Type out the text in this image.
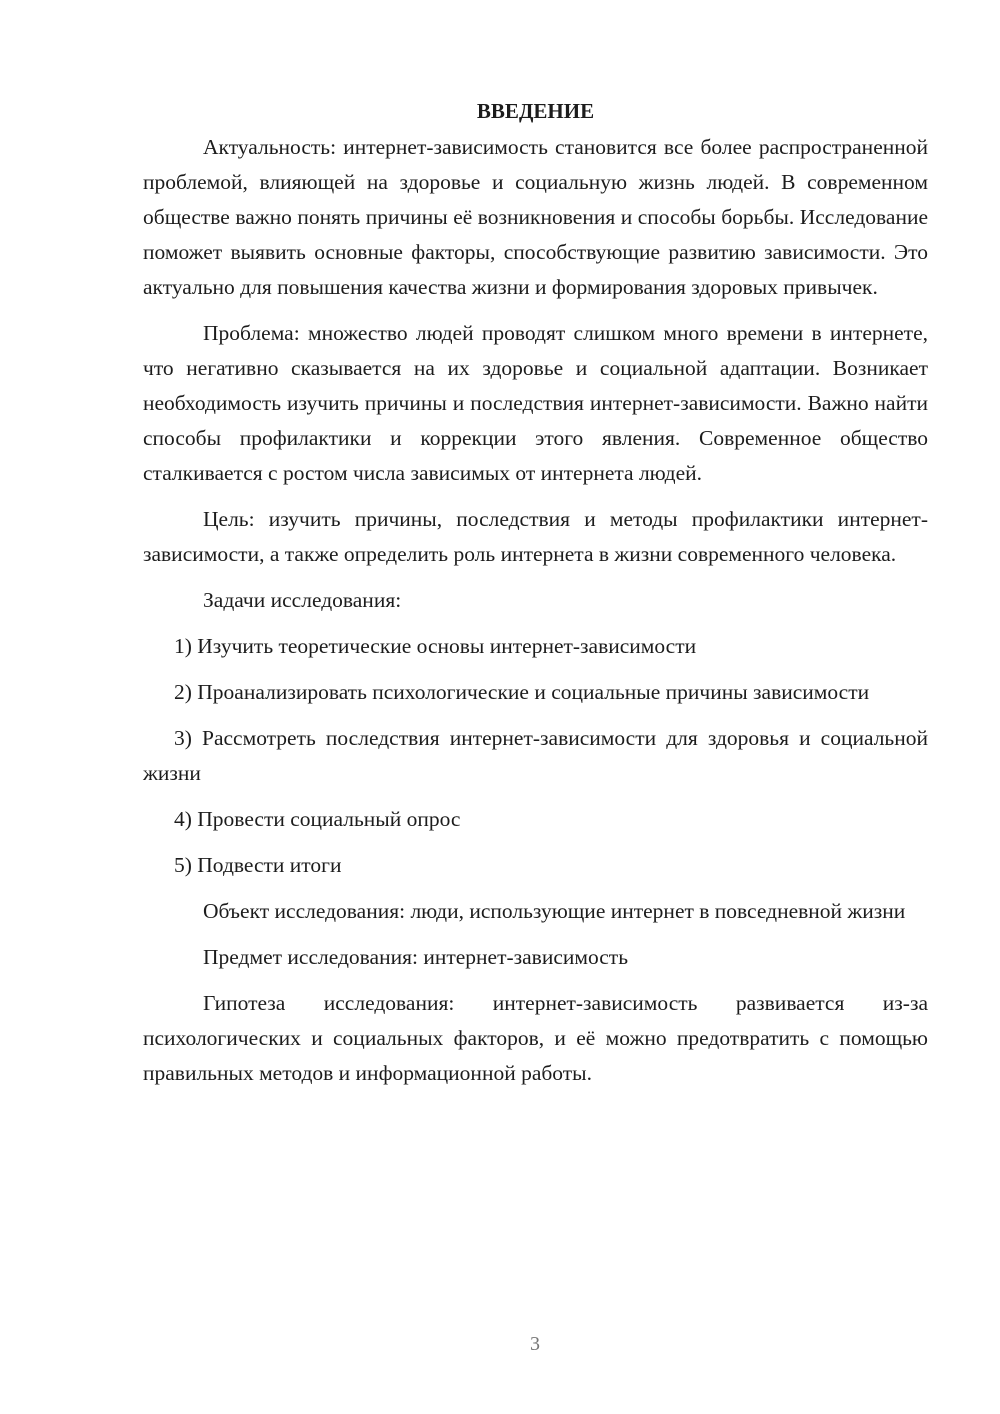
ВВЕДЕНИЕ

Актуальность: интернет-зависимость становится все более распространенной проблемой, влияющей на здоровье и социальную жизнь людей. В современном обществе важно понять причины её возникновения и способы борьбы. Исследование поможет выявить основные факторы, способствующие развитию зависимости. Это актуально для повышения качества жизни и формирования здоровых привычек.

Проблема: множество людей проводят слишком много времени в интернете, что негативно сказывается на их здоровье и социальной адаптации. Возникает необходимость изучить причины и последствия интернет-зависимости. Важно найти способы профилактики и коррекции этого явления. Современное общество сталкивается с ростом числа зависимых от интернета людей.

Цель: изучить причины, последствия и методы профилактики интернет-зависимости, а также определить роль интернета в жизни современного человека.

Задачи исследования:

1) Изучить теоретические основы интернет-зависимости

2) Проанализировать психологические и социальные причины зависимости

3) Рассмотреть последствия интернет-зависимости для здоровья и социальной жизни

4) Провести социальный опрос

5) Подвести итоги

Объект исследования: люди, использующие интернет в повседневной жизни

Предмет исследования: интернет-зависимость

Гипотеза исследования: интернет-зависимость развивается из-за психологических и социальных факторов, и её можно предотвратить с помощью правильных методов и информационной работы.

3
